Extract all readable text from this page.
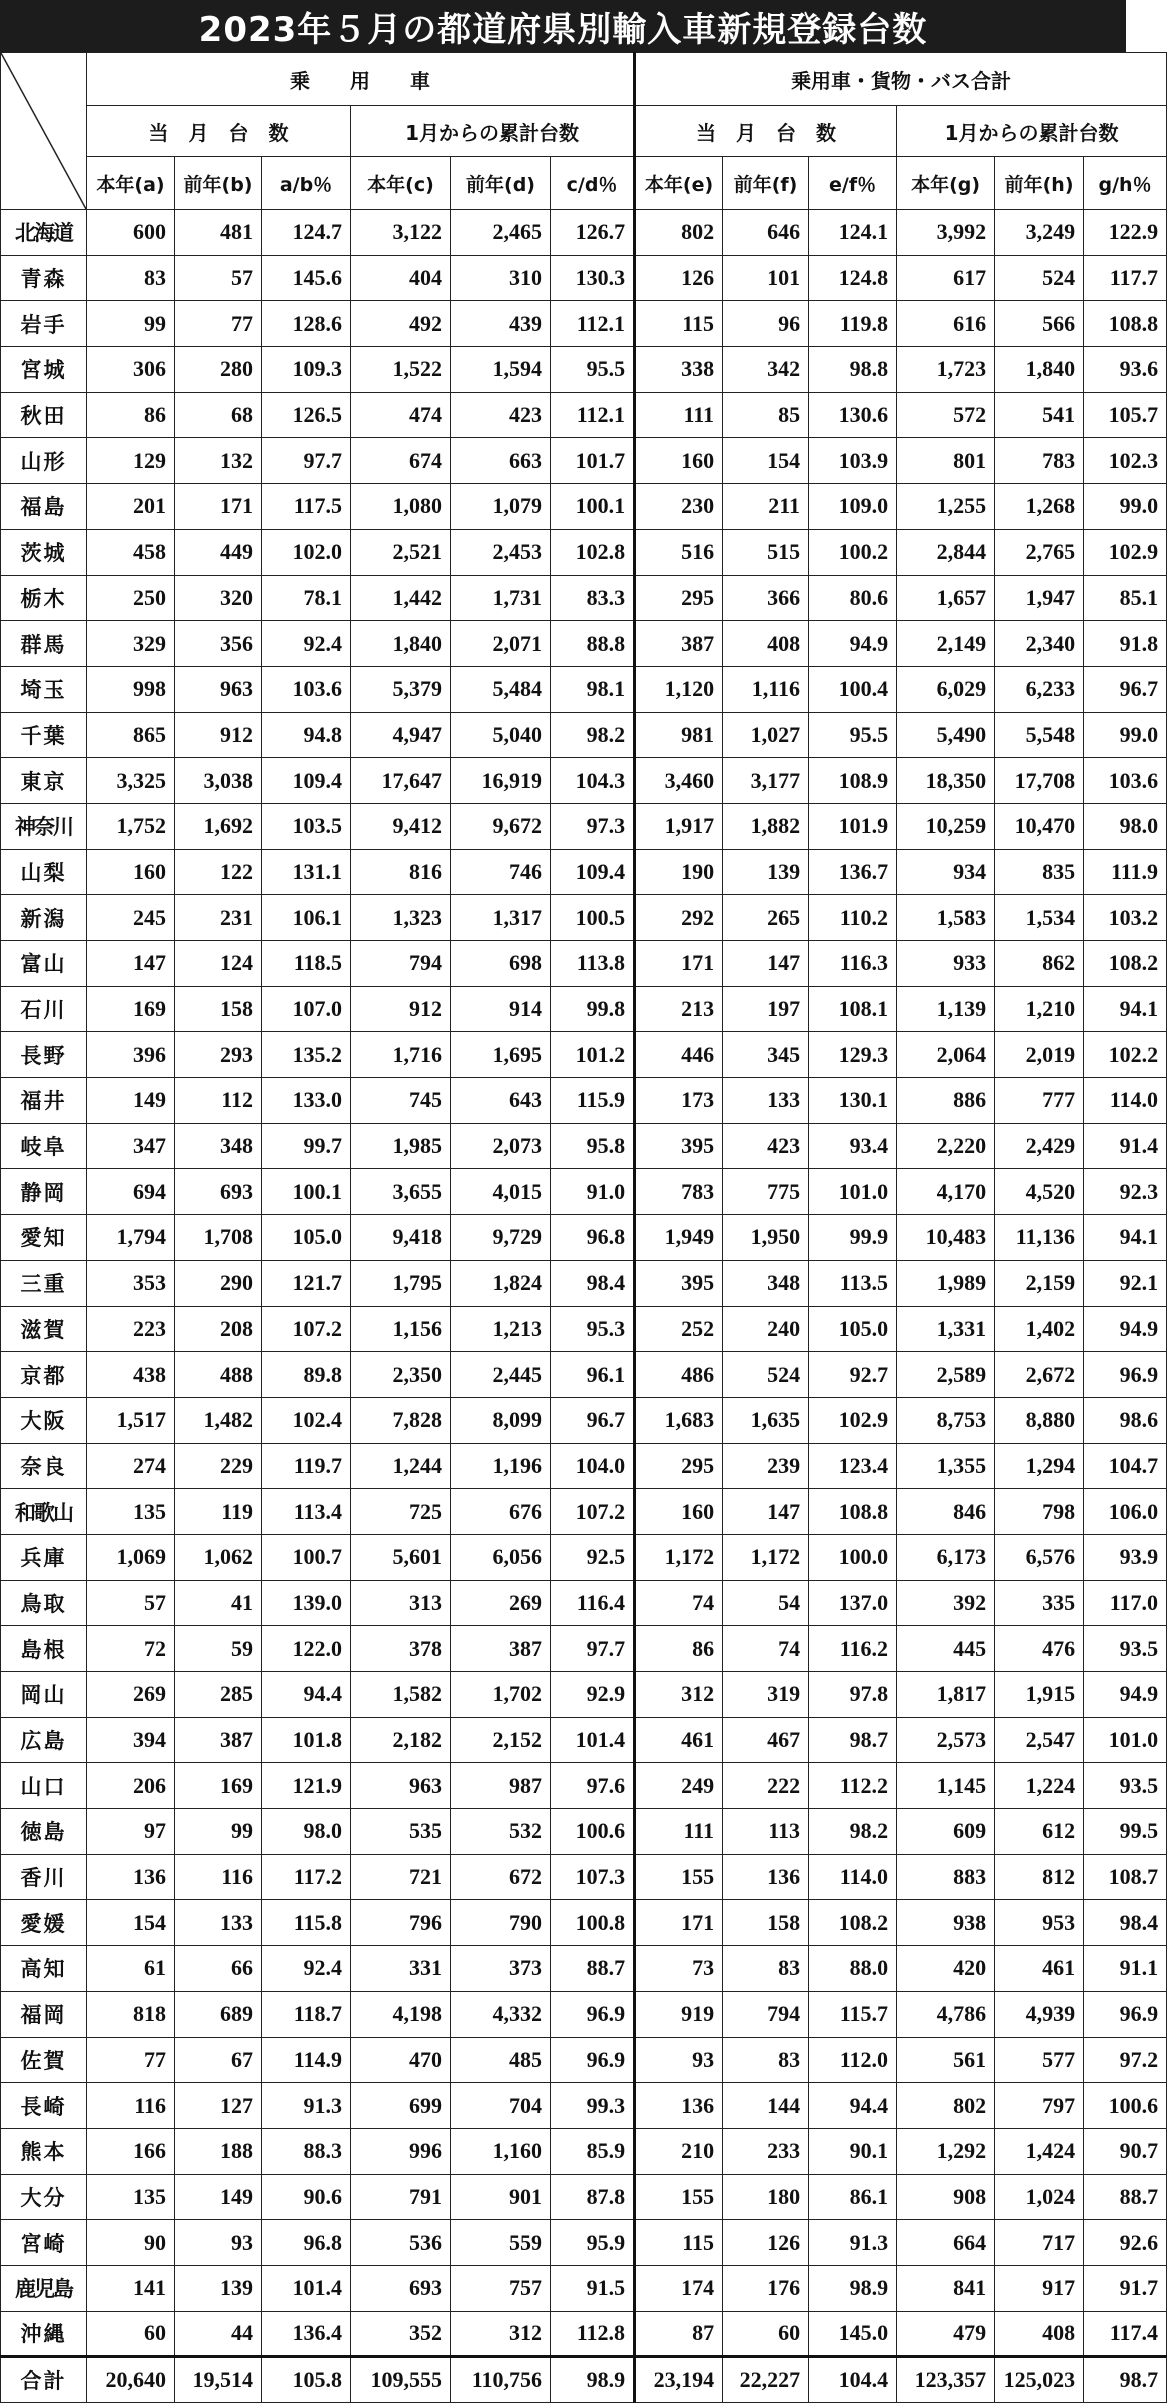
2023年５月の都道府県別輸入車新規登録台数
	乗　　用　　車						乗用車・貨物・バス合計					
	当　月　台　数			1月からの累計台数			当　月　台　数			1月からの累計台数		
	本年(a)	前年(b)	a/b％	本年(c)	前年(d)	c/d％	本年(e)	前年(f)	e/f％	本年(g)	前年(h)	g/h％
北海道	600	481	124.7	3,122	2,465	126.7	802	646	124.1	3,992	3,249	122.9
青森	83	57	145.6	404	310	130.3	126	101	124.8	617	524	117.7
岩手	99	77	128.6	492	439	112.1	115	96	119.8	616	566	108.8
宮城	306	280	109.3	1,522	1,594	95.5	338	342	98.8	1,723	1,840	93.6
秋田	86	68	126.5	474	423	112.1	111	85	130.6	572	541	105.7
山形	129	132	97.7	674	663	101.7	160	154	103.9	801	783	102.3
福島	201	171	117.5	1,080	1,079	100.1	230	211	109.0	1,255	1,268	99.0
茨城	458	449	102.0	2,521	2,453	102.8	516	515	100.2	2,844	2,765	102.9
栃木	250	320	78.1	1,442	1,731	83.3	295	366	80.6	1,657	1,947	85.1
群馬	329	356	92.4	1,840	2,071	88.8	387	408	94.9	2,149	2,340	91.8
埼玉	998	963	103.6	5,379	5,484	98.1	1,120	1,116	100.4	6,029	6,233	96.7
千葉	865	912	94.8	4,947	5,040	98.2	981	1,027	95.5	5,490	5,548	99.0
東京	3,325	3,038	109.4	17,647	16,919	104.3	3,460	3,177	108.9	18,350	17,708	103.6
神奈川	1,752	1,692	103.5	9,412	9,672	97.3	1,917	1,882	101.9	10,259	10,470	98.0
山梨	160	122	131.1	816	746	109.4	190	139	136.7	934	835	111.9
新潟	245	231	106.1	1,323	1,317	100.5	292	265	110.2	1,583	1,534	103.2
富山	147	124	118.5	794	698	113.8	171	147	116.3	933	862	108.2
石川	169	158	107.0	912	914	99.8	213	197	108.1	1,139	1,210	94.1
長野	396	293	135.2	1,716	1,695	101.2	446	345	129.3	2,064	2,019	102.2
福井	149	112	133.0	745	643	115.9	173	133	130.1	886	777	114.0
岐阜	347	348	99.7	1,985	2,073	95.8	395	423	93.4	2,220	2,429	91.4
静岡	694	693	100.1	3,655	4,015	91.0	783	775	101.0	4,170	4,520	92.3
愛知	1,794	1,708	105.0	9,418	9,729	96.8	1,949	1,950	99.9	10,483	11,136	94.1
三重	353	290	121.7	1,795	1,824	98.4	395	348	113.5	1,989	2,159	92.1
滋賀	223	208	107.2	1,156	1,213	95.3	252	240	105.0	1,331	1,402	94.9
京都	438	488	89.8	2,350	2,445	96.1	486	524	92.7	2,589	2,672	96.9
大阪	1,517	1,482	102.4	7,828	8,099	96.7	1,683	1,635	102.9	8,753	8,880	98.6
奈良	274	229	119.7	1,244	1,196	104.0	295	239	123.4	1,355	1,294	104.7
和歌山	135	119	113.4	725	676	107.2	160	147	108.8	846	798	106.0
兵庫	1,069	1,062	100.7	5,601	6,056	92.5	1,172	1,172	100.0	6,173	6,576	93.9
鳥取	57	41	139.0	313	269	116.4	74	54	137.0	392	335	117.0
島根	72	59	122.0	378	387	97.7	86	74	116.2	445	476	93.5
岡山	269	285	94.4	1,582	1,702	92.9	312	319	97.8	1,817	1,915	94.9
広島	394	387	101.8	2,182	2,152	101.4	461	467	98.7	2,573	2,547	101.0
山口	206	169	121.9	963	987	97.6	249	222	112.2	1,145	1,224	93.5
徳島	97	99	98.0	535	532	100.6	111	113	98.2	609	612	99.5
香川	136	116	117.2	721	672	107.3	155	136	114.0	883	812	108.7
愛媛	154	133	115.8	796	790	100.8	171	158	108.2	938	953	98.4
高知	61	66	92.4	331	373	88.7	73	83	88.0	420	461	91.1
福岡	818	689	118.7	4,198	4,332	96.9	919	794	115.7	4,786	4,939	96.9
佐賀	77	67	114.9	470	485	96.9	93	83	112.0	561	577	97.2
長崎	116	127	91.3	699	704	99.3	136	144	94.4	802	797	100.6
熊本	166	188	88.3	996	1,160	85.9	210	233	90.1	1,292	1,424	90.7
大分	135	149	90.6	791	901	87.8	155	180	86.1	908	1,024	88.7
宮崎	90	93	96.8	536	559	95.9	115	126	91.3	664	717	92.6
鹿児島	141	139	101.4	693	757	91.5	174	176	98.9	841	917	91.7
沖縄	60	44	136.4	352	312	112.8	87	60	145.0	479	408	117.4
合計	20,640	19,514	105.8	109,555	110,756	98.9	23,194	22,227	104.4	123,357	125,023	98.7
